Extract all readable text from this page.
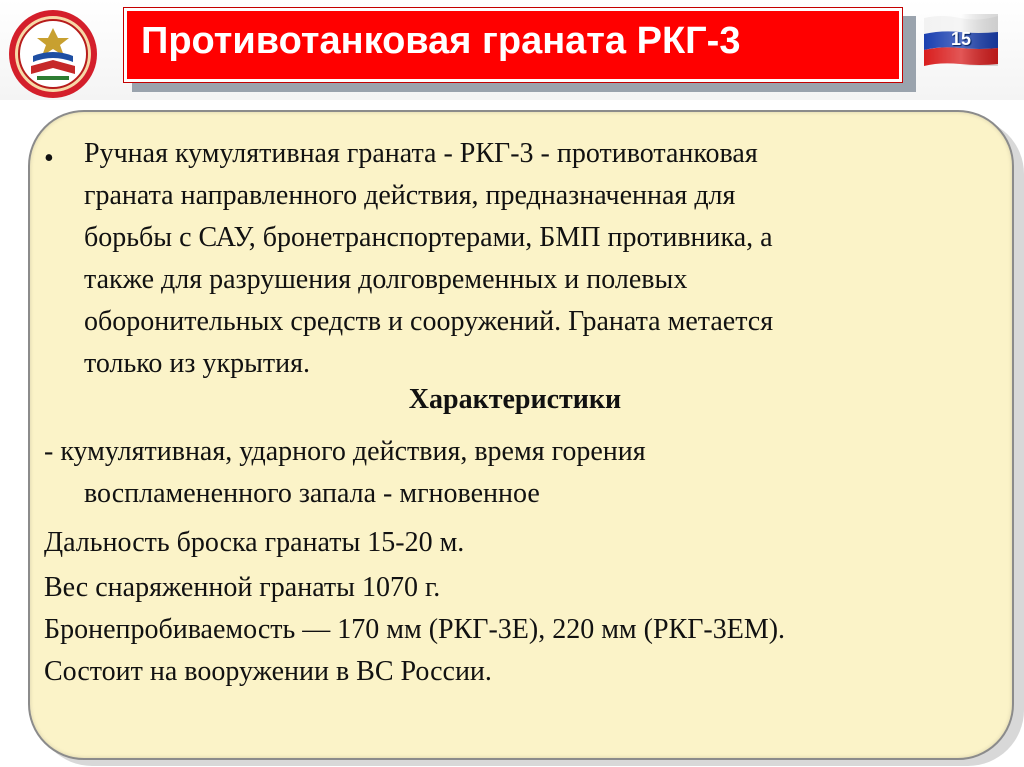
Противотанковая граната РКГ-3	15
• Ручная кумулятивная граната - РКГ-3 - противотанковая
граната направленного действия, предназначенная для
борьбы с САУ, бронетранспортерами, БМП противника, а
также для разрушения долговременных и полевых
оборонительных средств и сооружений. Граната метается
только из укрытия.
Характеристики
- кумулятивная, ударного действия, время горения
воспламененного запала - мгновенное
Дальность броска гранаты 15-20 м.
Вес снаряженной гранаты 1070 г.
Бронепробиваемость — 170 мм (РКГ-3Е), 220 мм (РКГ-3ЕМ).
Состоит на вооружении в ВС России.
